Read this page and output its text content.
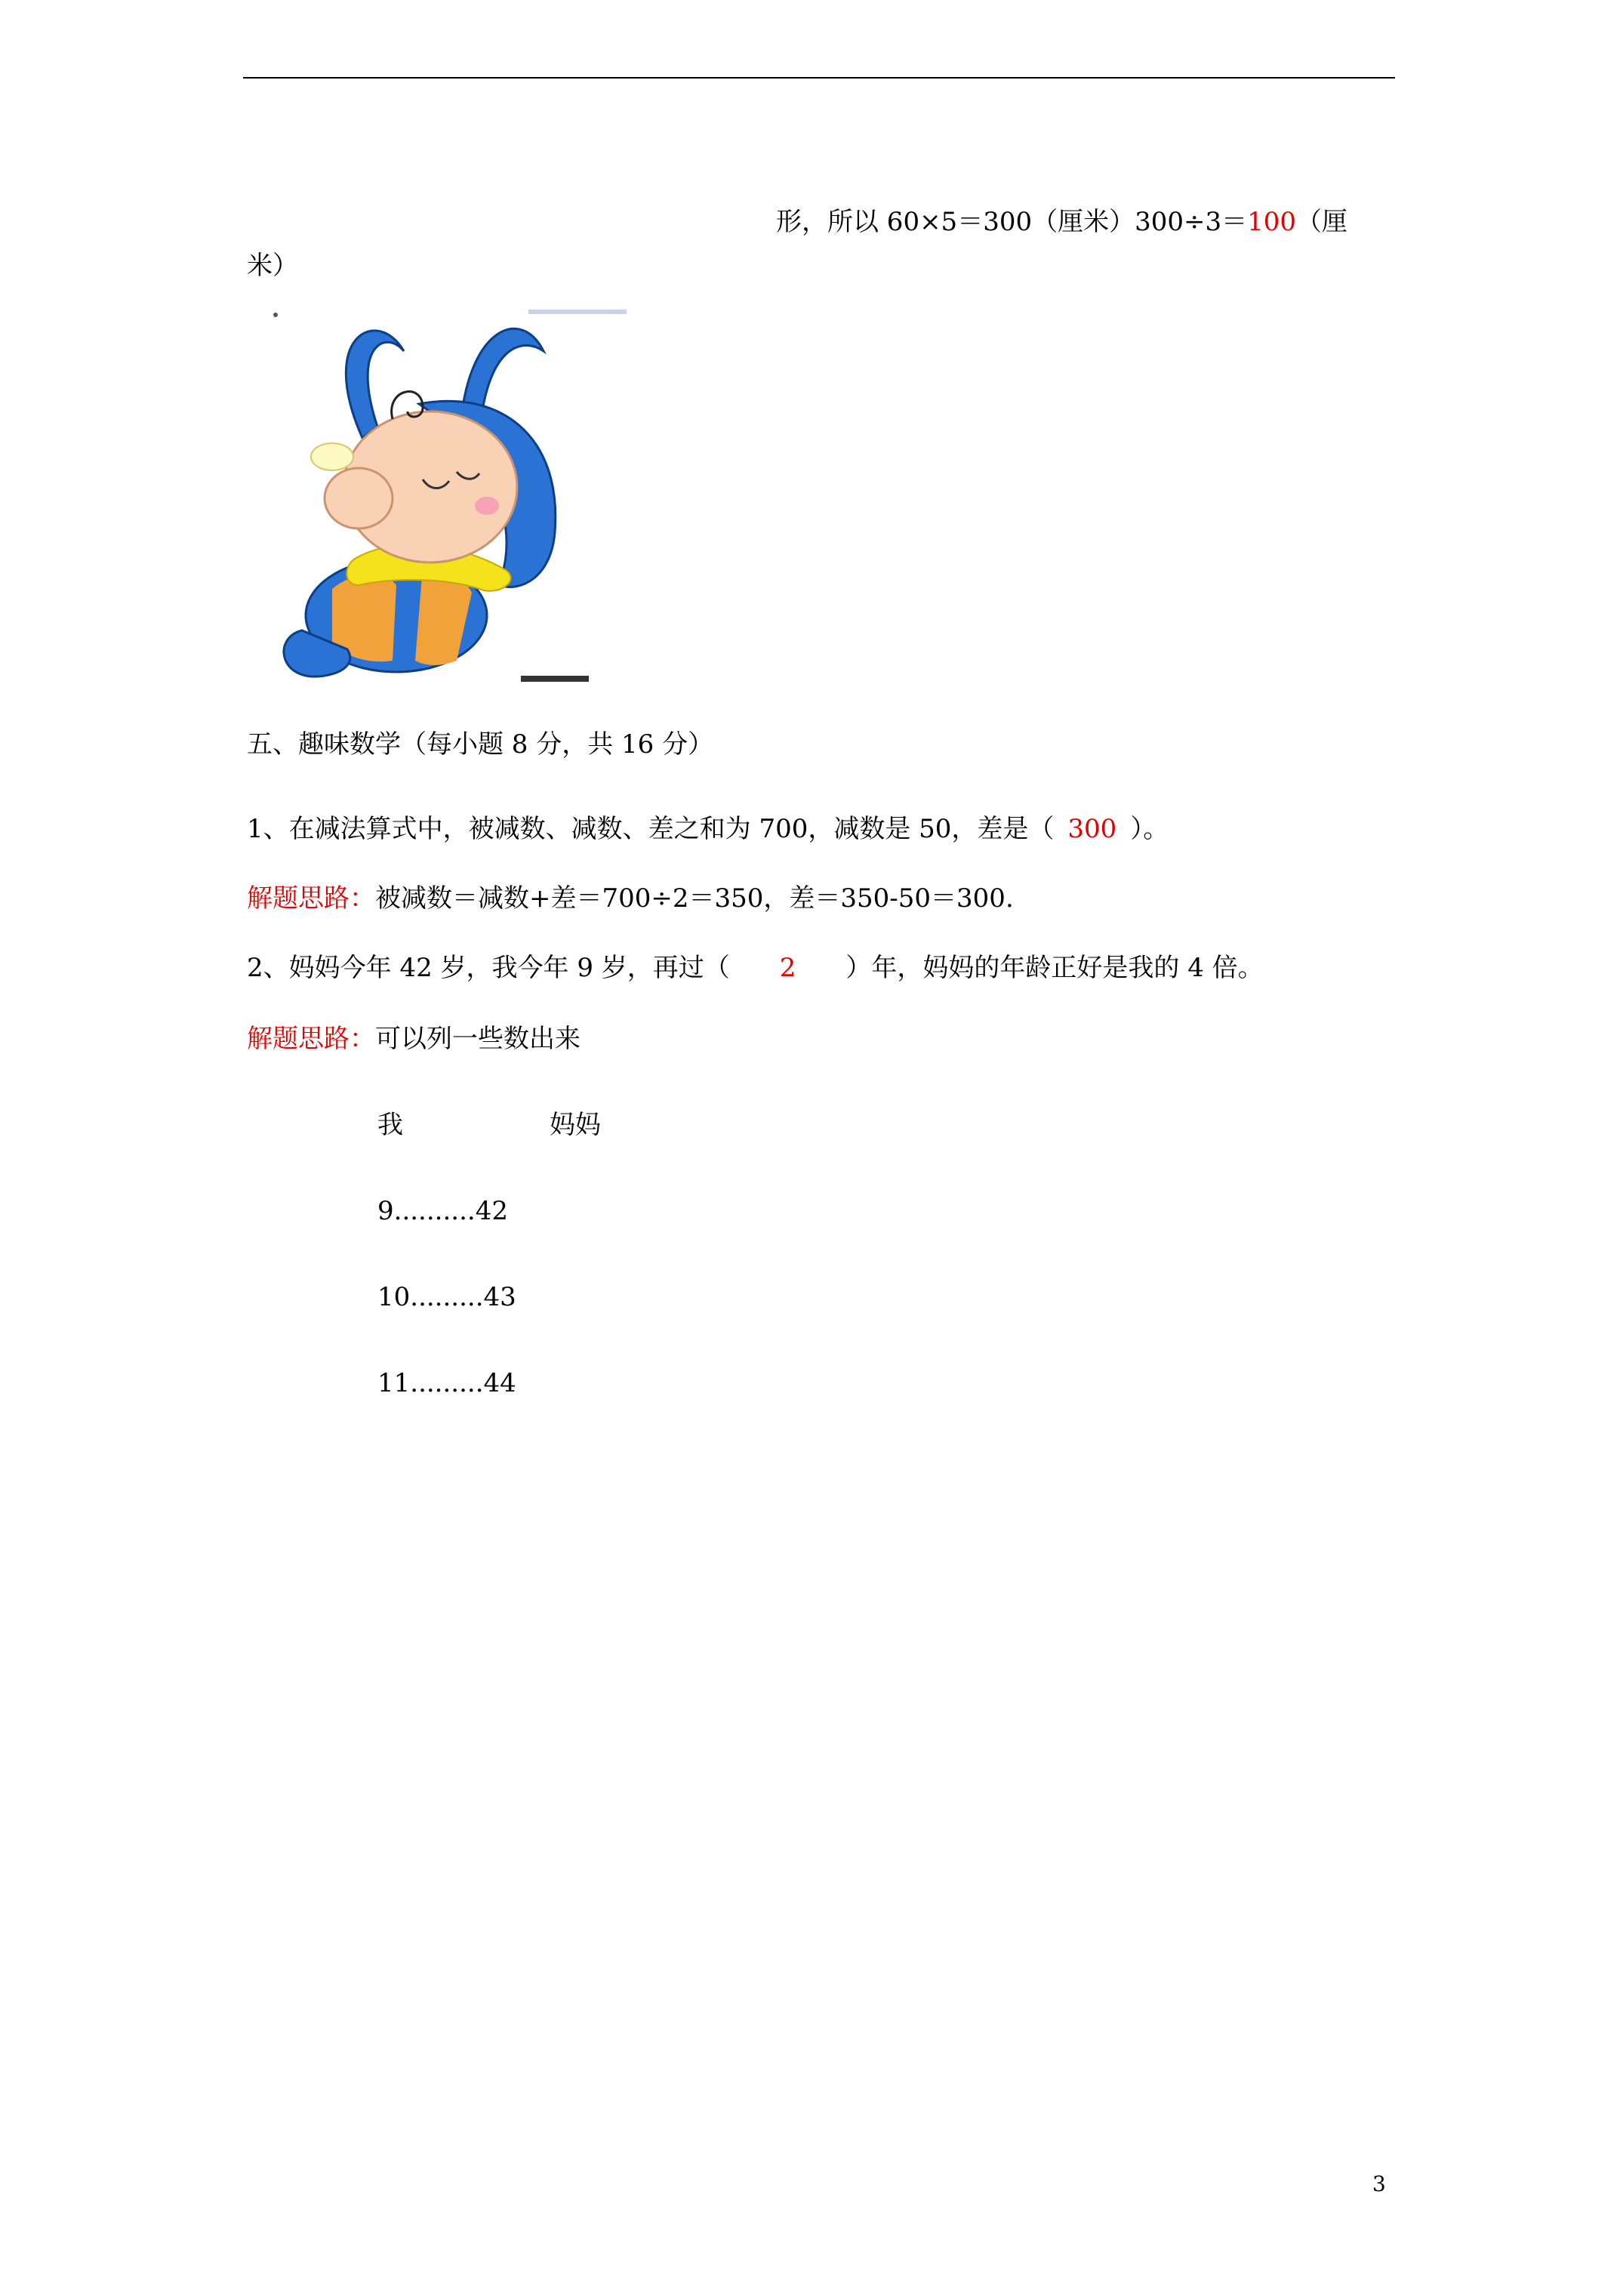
形，所以 60×5＝300（厘米）300÷3＝100（厘
米）
五、趣味数学（每小题 8 分，共 16 分）
1、在减法算式中，被减数、减数、差之和为 700，减数是 50，差是（ 300 ）。
解题思路：被减数＝减数+差＝700÷2＝350，差＝350-50＝300.
2、妈妈今年 42 岁，我今年 9 岁，再过（ 2 ）年，妈妈的年龄正好是我的 4 倍。
解题思路：可以列一些数出来
我	妈妈
9..........42
10.........43
11.........44
3
